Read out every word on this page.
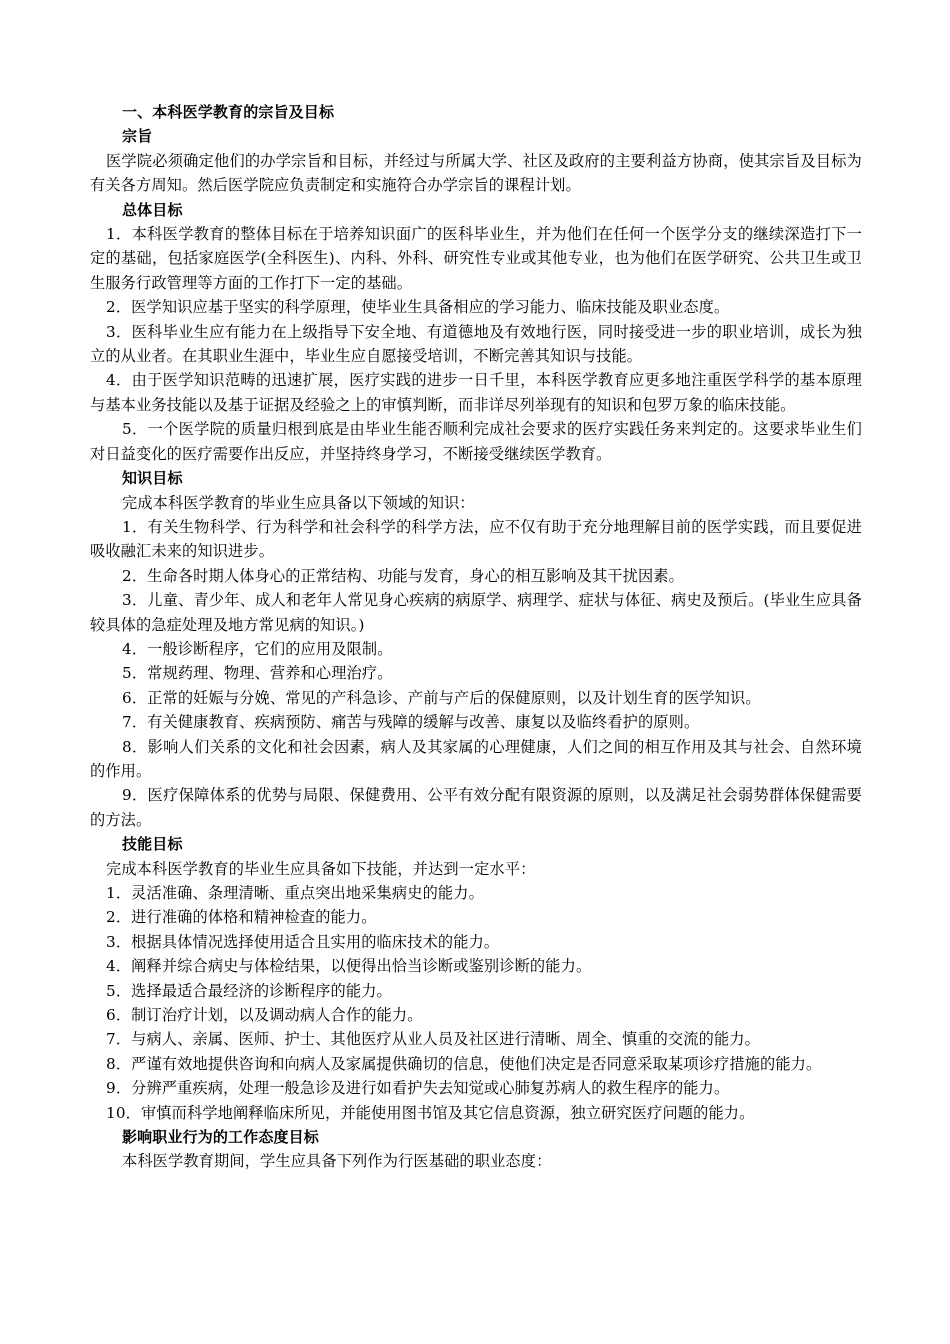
一、本科医学教育的宗旨及目标

宗旨

医学院必须确定他们的办学宗旨和目标，并经过与所属大学、社区及政府的主要利益方协商，使其宗旨及目标为有关各方周知。然后医学院应负责制定和实施符合办学宗旨的课程计划。

总体目标

1．本科医学教育的整体目标在于培养知识面广的医科毕业生，并为他们在任何一个医学分支的继续深造打下一定的基础，包括家庭医学(全科医生)、内科、外科、研究性专业或其他专业，也为他们在医学研究、公共卫生或卫生服务行政管理等方面的工作打下一定的基础。

2．医学知识应基于坚实的科学原理，使毕业生具备相应的学习能力、临床技能及职业态度。

3．医科毕业生应有能力在上级指导下安全地、有道德地及有效地行医，同时接受进一步的职业培训，成长为独立的从业者。在其职业生涯中，毕业生应自愿接受培训，不断完善其知识与技能。

4．由于医学知识范畴的迅速扩展，医疗实践的进步一日千里，本科医学教育应更多地注重医学科学的基本原理与基本业务技能以及基于证据及经验之上的审慎判断，而非详尽列举现有的知识和包罗万象的临床技能。

5．一个医学院的质量归根到底是由毕业生能否顺利完成社会要求的医疗实践任务来判定的。这要求毕业生们对日益变化的医疗需要作出反应，并坚持终身学习，不断接受继续医学教育。

知识目标

完成本科医学教育的毕业生应具备以下领域的知识：

1．有关生物科学、行为科学和社会科学的科学方法，应不仅有助于充分地理解目前的医学实践，而且要促进吸收融汇未来的知识进步。

2．生命各时期人体身心的正常结构、功能与发育，身心的相互影响及其干扰因素。

3．儿童、青少年、成人和老年人常见身心疾病的病原学、病理学、症状与体征、病史及预后。(毕业生应具备较具体的急症处理及地方常见病的知识。)

4．一般诊断程序，它们的应用及限制。

5．常规药理、物理、营养和心理治疗。

6．正常的妊娠与分娩、常见的产科急诊、产前与产后的保健原则，以及计划生育的医学知识。

7．有关健康教育、疾病预防、痛苦与残障的缓解与改善、康复以及临终看护的原则。

8．影响人们关系的文化和社会因素，病人及其家属的心理健康，人们之间的相互作用及其与社会、自然环境的作用。

9．医疗保障体系的优势与局限、保健费用、公平有效分配有限资源的原则，以及满足社会弱势群体保健需要的方法。

技能目标

完成本科医学教育的毕业生应具备如下技能，并达到一定水平：

1．灵活准确、条理清晰、重点突出地采集病史的能力。

2．进行准确的体格和精神检查的能力。

3．根据具体情况选择使用适合且实用的临床技术的能力。

4．阐释并综合病史与体检结果，以便得出恰当诊断或鉴别诊断的能力。

5．选择最适合最经济的诊断程序的能力。

6．制订治疗计划，以及调动病人合作的能力。

7．与病人、亲属、医师、护士、其他医疗从业人员及社区进行清晰、周全、慎重的交流的能力。

8．严谨有效地提供咨询和向病人及家属提供确切的信息，使他们决定是否同意采取某项诊疗措施的能力。

9．分辨严重疾病，处理一般急诊及进行如看护失去知觉或心肺复苏病人的救生程序的能力。

10．审慎而科学地阐释临床所见，并能使用图书馆及其它信息资源，独立研究医疗问题的能力。

影响职业行为的工作态度目标

本科医学教育期间，学生应具备下列作为行医基础的职业态度：
